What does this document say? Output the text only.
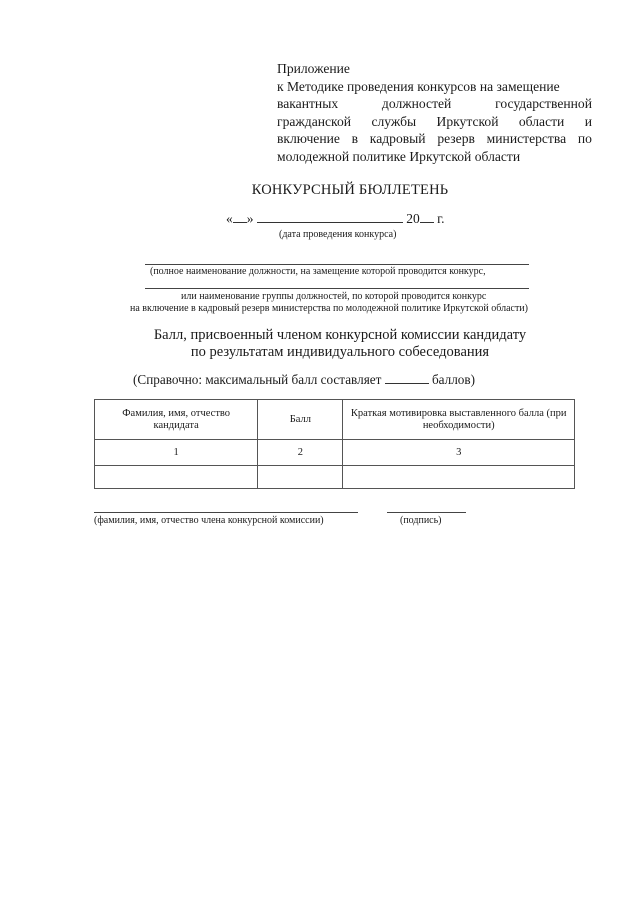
Приложение
к Методике проведения конкурсов на замещение
вакантных	должностей	государственной
гражданской службы Иркутской области и
включение в кадровый резерв министерства по
молодежной политике Иркутской области
КОНКУРСНЫЙ БЮЛЛЕТЕНЬ
« »	20 г.
(дата проведения конкурса)
(полное наименование должности, на замещение которой проводится конкурс,
или наименование группы должностей, по которой проводится конкурс
на включение в кадровый резерв министерства по молодежной политике Иркутской области)
Балл, присвоенный членом конкурсной комиссии кандидату
по результатам индивидуального собеседования
(Справочно: максимальный балл составляет	баллов)
Фамилия, имя, отчество кандидата	Балл	Краткая мотивировка выставленного балла (при необходимости)
1	2	3

(фамилия, имя, отчество члена конкурсной комиссии)	(подпись)
